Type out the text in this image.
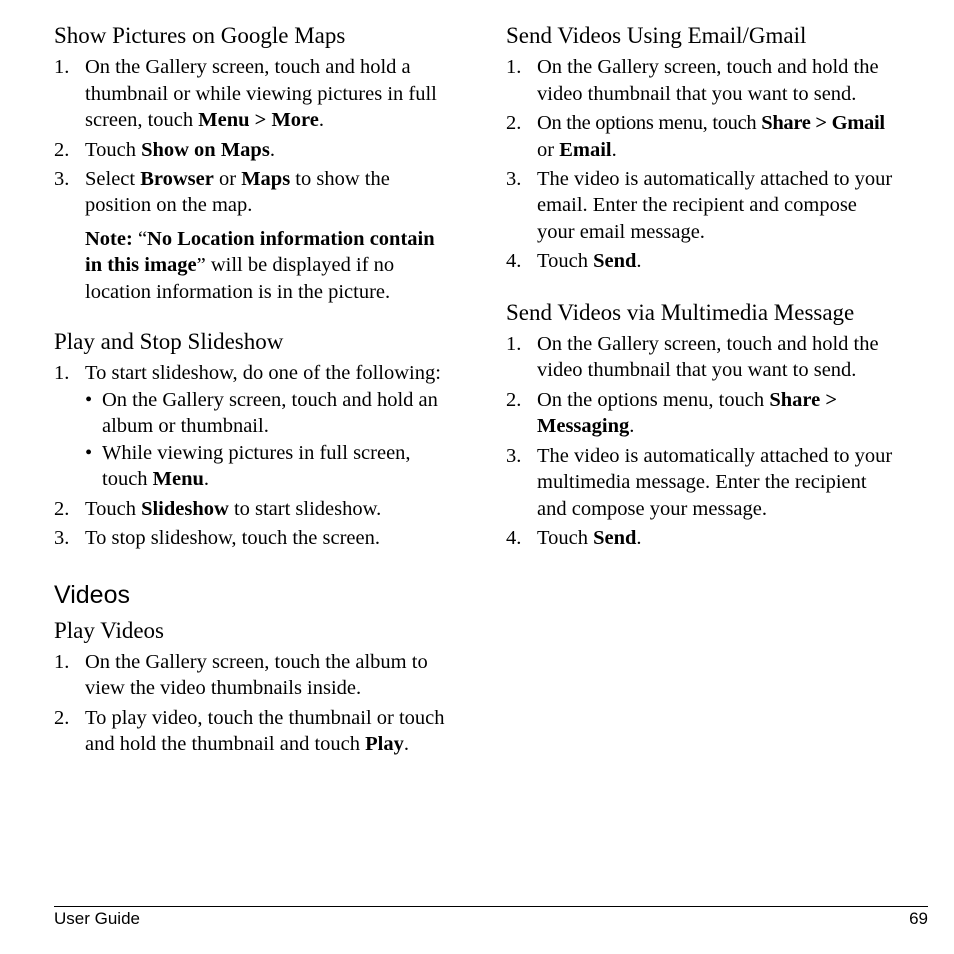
Show Pictures on Google Maps
1. On the Gallery screen, touch and hold a
thumbnail or while viewing pictures in full
screen, touch Menu > More.
2. Touch Show on Maps.
3. Select Browser or Maps to show the
position on the map.
Note: “No Location information contain
in this image” will be displayed if no
location information is in the picture.
Play and Stop Slideshow
1. To start slideshow, do one of the following:
• On the Gallery screen, touch and hold an
album or thumbnail.
• While viewing pictures in full screen,
touch Menu.
2. Touch Slideshow to start slideshow.
3. To stop slideshow, touch the screen.
Videos
Play Videos
1. On the Gallery screen, touch the album to
view the video thumbnails inside.
2. To play video, touch the thumbnail or touch
and hold the thumbnail and touch Play.
Send Videos Using Email/Gmail
1. On the Gallery screen, touch and hold the
video thumbnail that you want to send.
2. On the options menu, touch Share > Gmail
or Email.
3. The video is automatically attached to your
email. Enter the recipient and compose
your email message.
4. Touch Send.
Send Videos via Multimedia Message
1. On the Gallery screen, touch and hold the
video thumbnail that you want to send.
2. On the options menu, touch Share >
Messaging.
3. The video is automatically attached to your
multimedia message. Enter the recipient
and compose your message.
4. Touch Send.
User Guide	69
